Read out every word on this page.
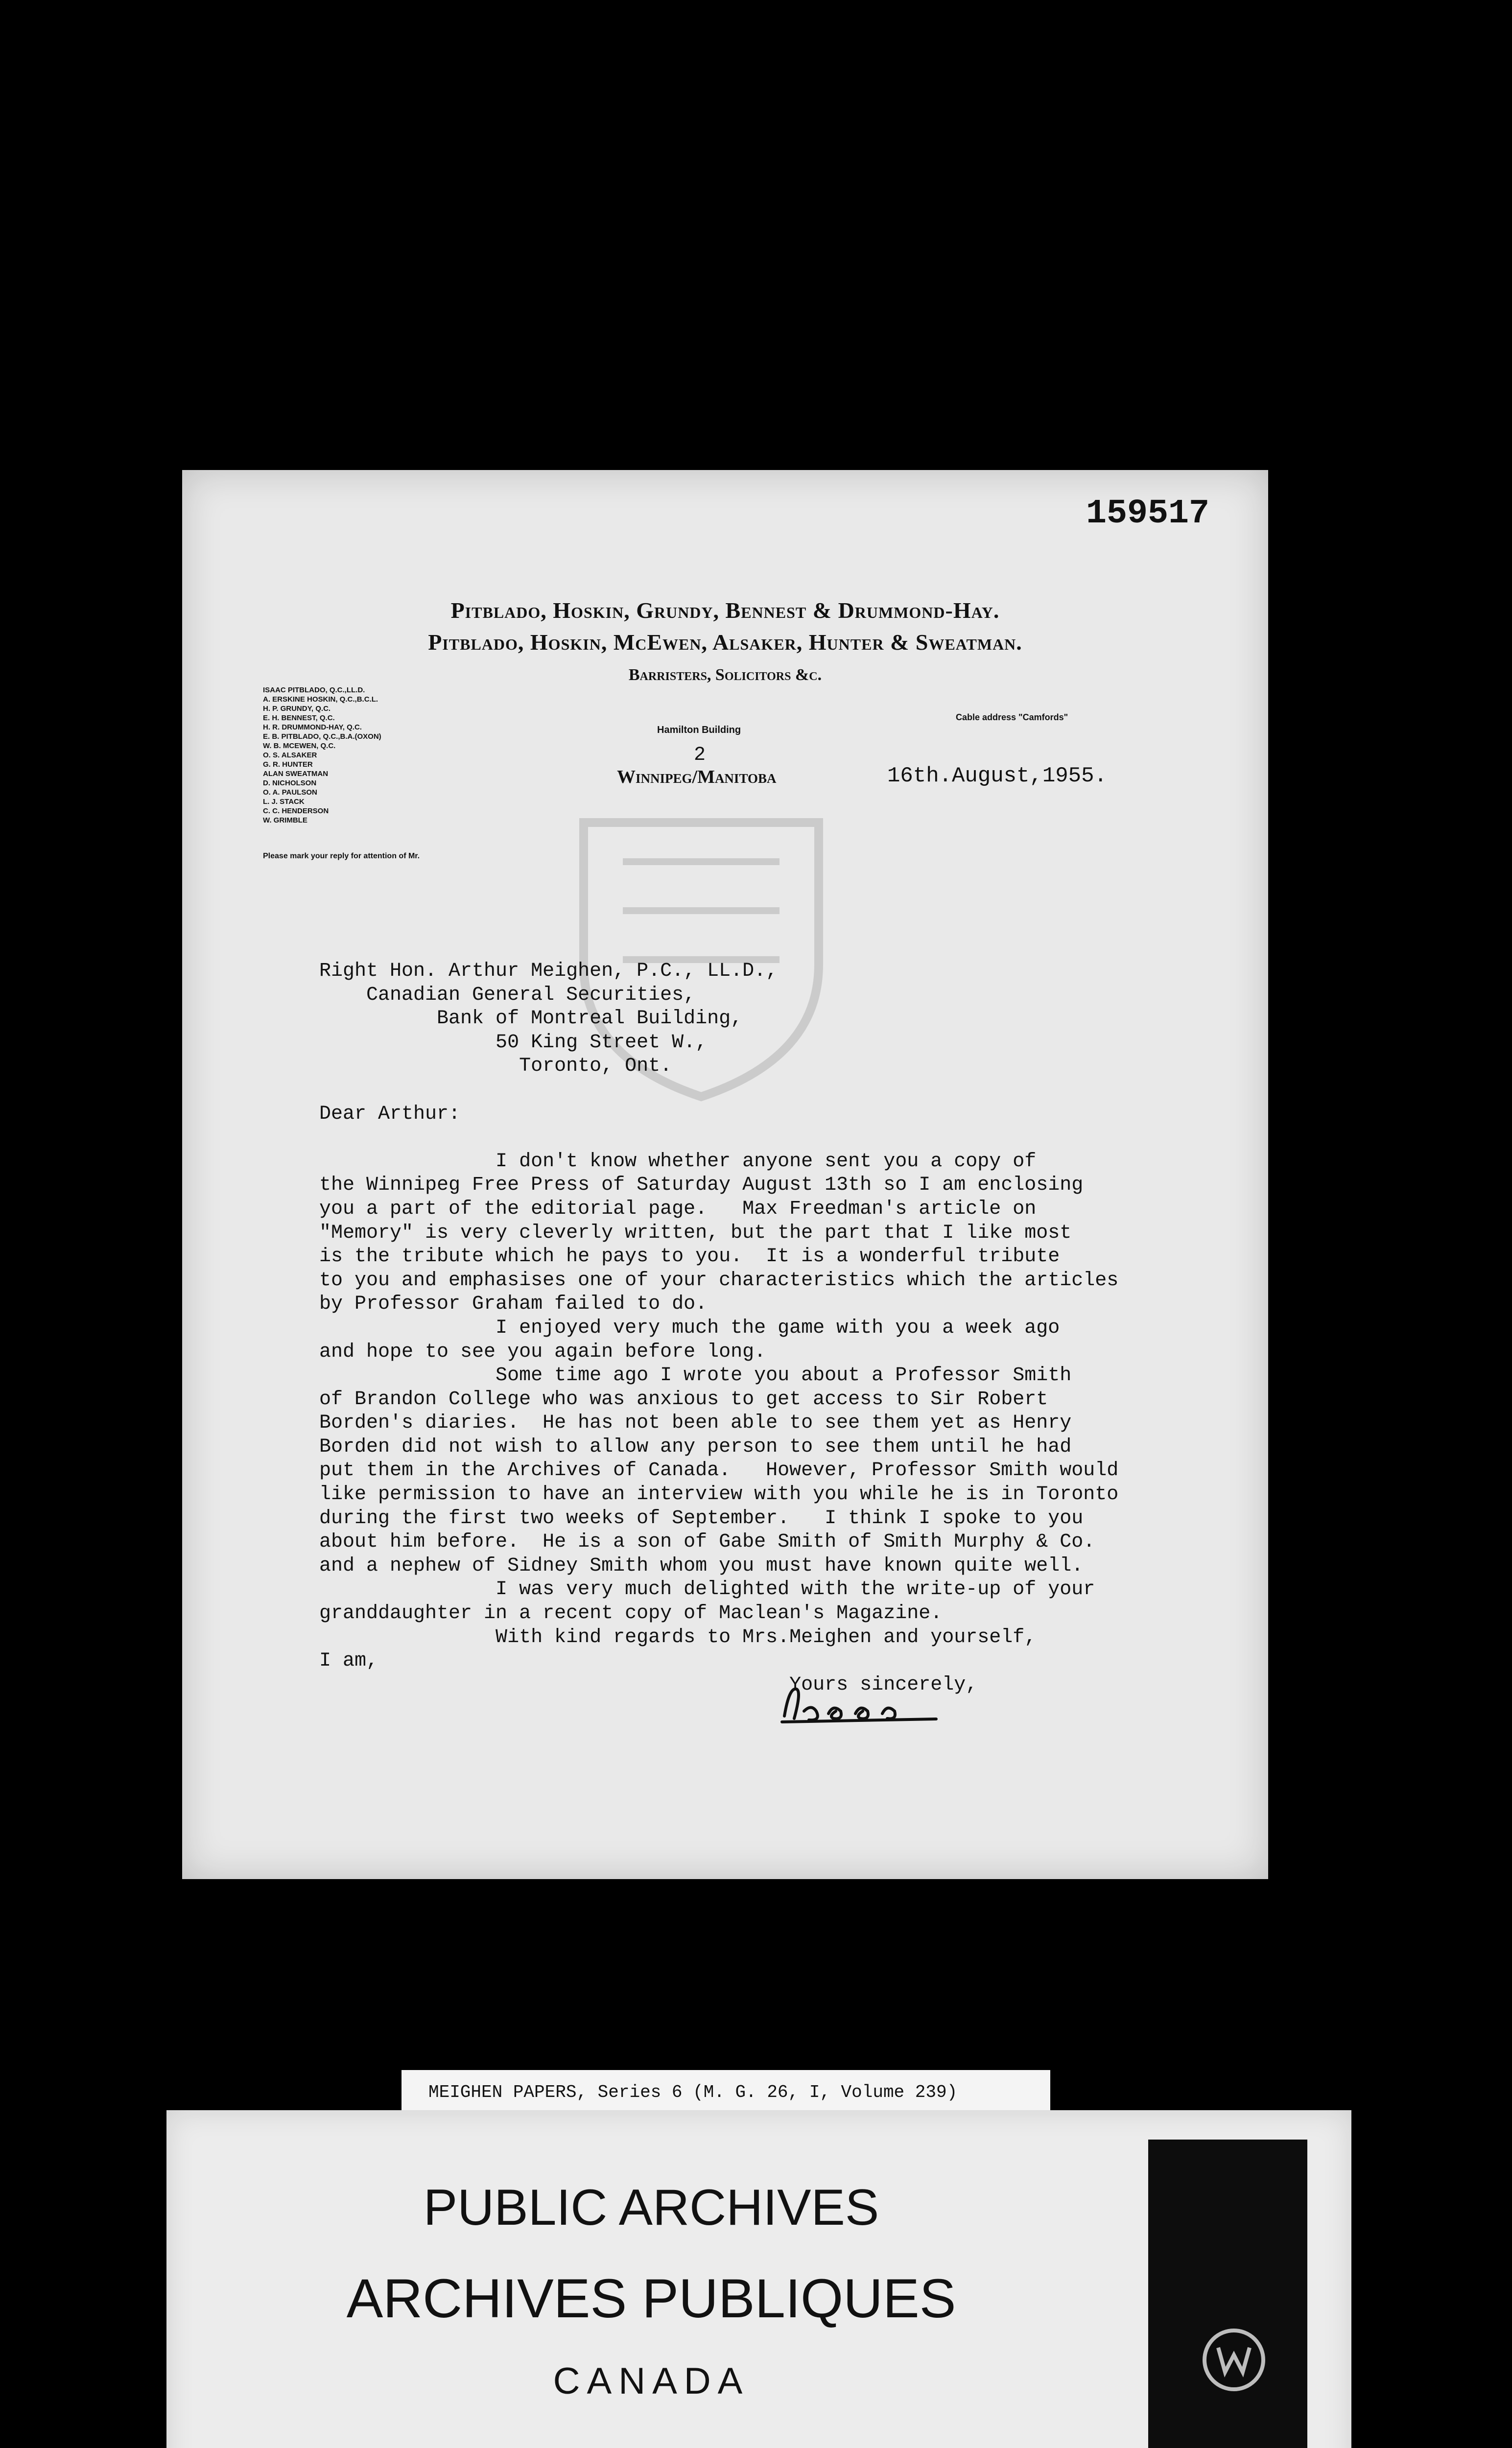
159517
Pitblado, Hoskin, Grundy, Bennest & Drummond-Hay.
Pitblado, Hoskin, McEwen, Alsaker, Hunter & Sweatman.
Barristers, Solicitors &c.
ISAAC PITBLADO, Q.C.,LL.D.
A. ERSKINE HOSKIN, Q.C.,B.C.L.
H. P. GRUNDY, Q.C.
E. H. BENNEST, Q.C.
H. R. DRUMMOND-HAY, Q.C.
E. B. PITBLADO, Q.C.,B.A.(OXON)
W. B. MCEWEN, Q.C.
O. S. ALSAKER
G. R. HUNTER
ALAN SWEATMAN
D. NICHOLSON
O. A. PAULSON
L. J. STACK
C. C. HENDERSON
W. GRIMBLE
Please mark your reply for attention of Mr.
Cable address "Camfords"
Hamilton Building
2
Winnipeg/Manitoba	16th.August,1955.
Right Hon. Arthur Meighen, P.C., LL.D.,
Canadian General Securities,
Bank of Montreal Building,
50 King Street W.,
Toronto, Ont.

Dear Arthur:

I don't know whether anyone sent you a copy of
the Winnipeg Free Press of Saturday August 13th so I am enclosing
you a part of the editorial page.   Max Freedman's article on
"Memory" is very cleverly written, but the part that I like most
is the tribute which he pays to you.  It is a wonderful tribute
to you and emphasises one of your characteristics which the articles
by Professor Graham failed to do.
I enjoyed very much the game with you a week ago
and hope to see you again before long.
Some time ago I wrote you about a Professor Smith
of Brandon College who was anxious to get access to Sir Robert
Borden's diaries.  He has not been able to see them yet as Henry
Borden did not wish to allow any person to see them until he had
put them in the Archives of Canada.   However, Professor Smith would
like permission to have an interview with you while he is in Toronto
during the first two weeks of September.   I think I spoke to you
about him before.  He is a son of Gabe Smith of Smith Murphy & Co.
and a nephew of Sidney Smith whom you must have known quite well.
I was very much delighted with the write-up of your
granddaughter in a recent copy of Maclean's Magazine.
With kind regards to Mrs.Meighen and yourself,
I am,
Yours sincerely,
MEIGHEN PAPERS, Series 6 (M. G. 26, I, Volume 239)
PUBLIC ARCHIVES
ARCHIVES PUBLIQUES
CANADA
